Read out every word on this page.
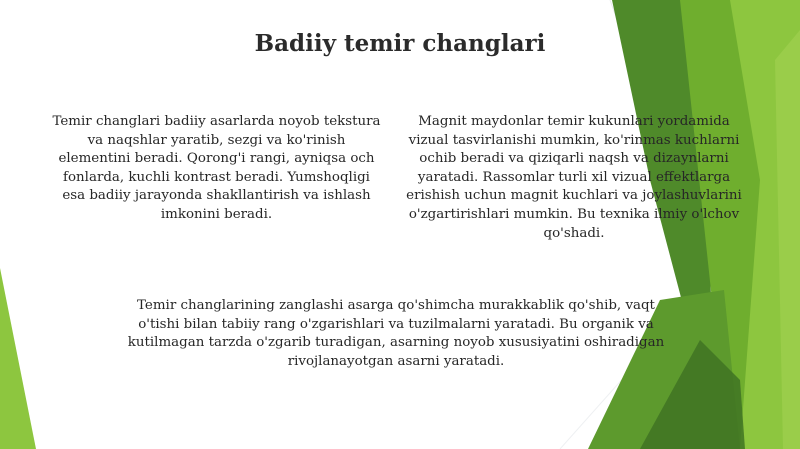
Badiiy temir changlari
Temir changlari badiiy asarlarda noyob tekstura va naqshlar yaratib, sezgi va ko'rinish elementini beradi. Qorong'i rangi, ayniqsa och fonlarda, kuchli kontrast beradi. Yumshoqligi esa badiiy jarayonda shakllantirish va ishlash imkonini beradi.
Magnit maydonlar temir kukunlari yordamida vizual tasvirlanishi mumkin, ko'rinmas kuchlarni ochib beradi va qiziqarli naqsh va dizaynlarni yaratadi. Rassomlar turli xil vizual effektlarga erishish uchun magnit kuchlari va joylashuvlarini o'zgartirishlari mumkin. Bu texnika ilmiy o'lchov qo'shadi.
Temir changlarining zanglashi asarga qo'shimcha murakkablik qo'shib, vaqt o'tishi bilan tabiiy rang o'zgarishlari va tuzilmalarni yaratadi. Bu organik va kutilmagan tarzda o'zgarib turadigan, asarning noyob xususiyatini oshiradigan rivojlanayotgan asarni yaratadi.
